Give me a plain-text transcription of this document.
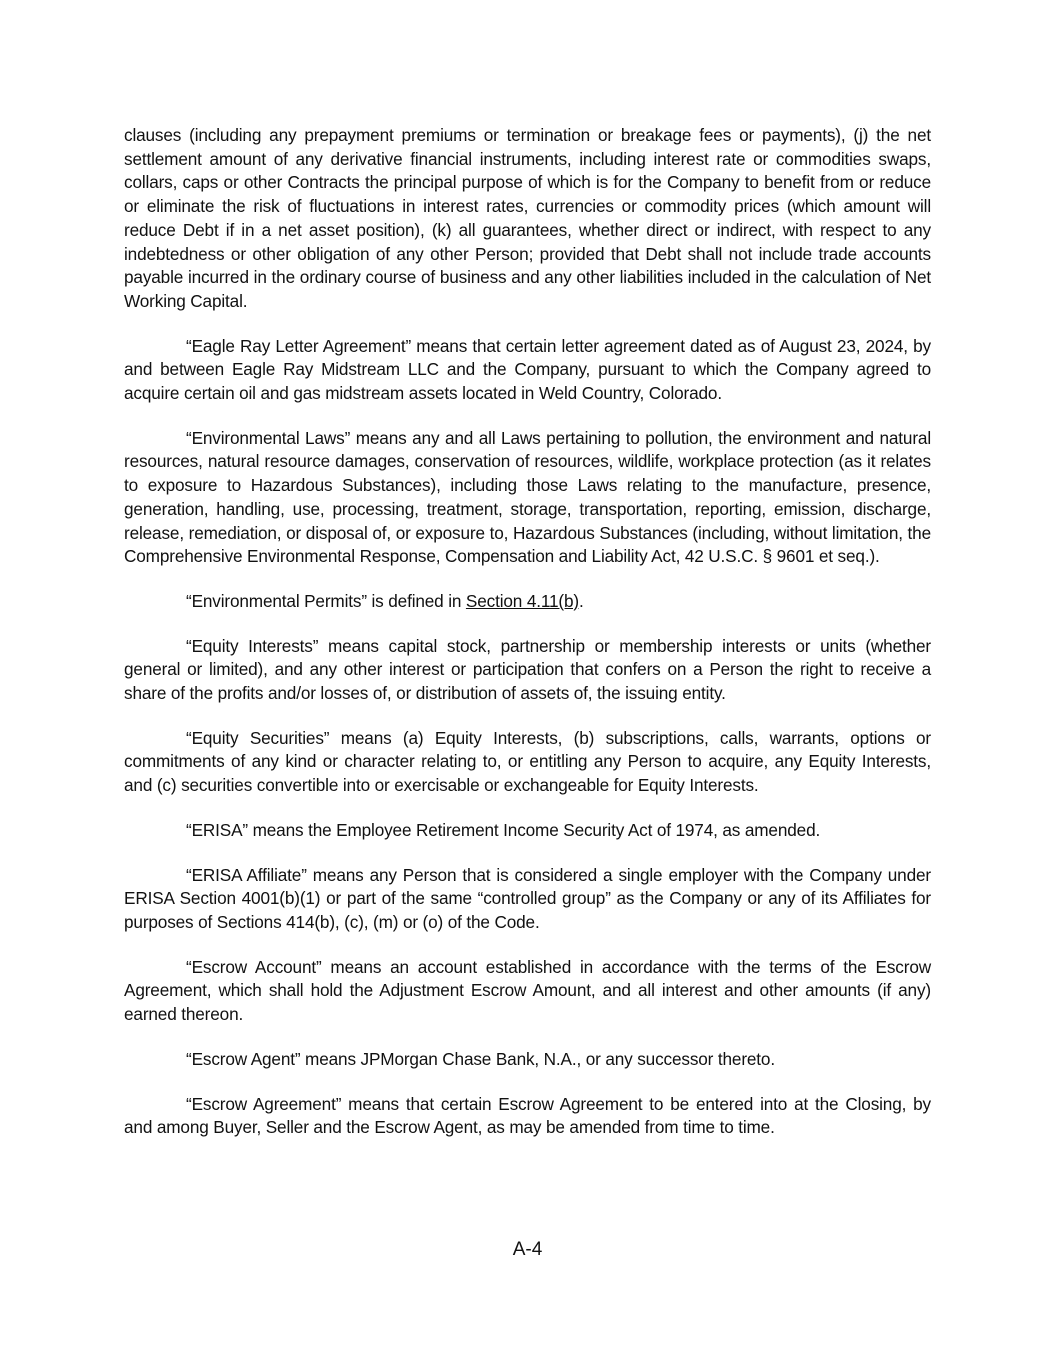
clauses (including any prepayment premiums or termination or breakage fees or payments), (j) the net settlement amount of any derivative financial instruments, including interest rate or commodities swaps, collars, caps or other Contracts the principal purpose of which is for the Company to benefit from or reduce or eliminate the risk of fluctuations in interest rates, currencies or commodity prices (which amount will reduce Debt if in a net asset position), (k) all guarantees, whether direct or indirect, with respect to any indebtedness or other obligation of any other Person; provided that Debt shall not include trade accounts payable incurred in the ordinary course of business and any other liabilities included in the calculation of Net Working Capital.

“Eagle Ray Letter Agreement” means that certain letter agreement dated as of August 23, 2024, by and between Eagle Ray Midstream LLC and the Company, pursuant to which the Company agreed to acquire certain oil and gas midstream assets located in Weld Country, Colorado.

“Environmental Laws” means any and all Laws pertaining to pollution, the environment and natural resources, natural resource damages, conservation of resources, wildlife, workplace protection (as it relates to exposure to Hazardous Substances), including those Laws relating to the manufacture, presence, generation, handling, use, processing, treatment, storage, transportation, reporting, emission, discharge, release, remediation, or disposal of, or exposure to, Hazardous Substances (including, without limitation, the Comprehensive Environmental Response, Compensation and Liability Act, 42 U.S.C. § 9601 et seq.).

“Environmental Permits” is defined in Section 4.11(b).

“Equity Interests” means capital stock, partnership or membership interests or units (whether general or limited), and any other interest or participation that confers on a Person the right to receive a share of the profits and/or losses of, or distribution of assets of, the issuing entity.

“Equity Securities” means (a) Equity Interests, (b) subscriptions, calls, warrants, options or commitments of any kind or character relating to, or entitling any Person to acquire, any Equity Interests, and (c) securities convertible into or exercisable or exchangeable for Equity Interests.

“ERISA” means the Employee Retirement Income Security Act of 1974, as amended.

“ERISA Affiliate” means any Person that is considered a single employer with the Company under ERISA Section 4001(b)(1) or part of the same “controlled group” as the Company or any of its Affiliates for purposes of Sections 414(b), (c), (m) or (o) of the Code.

“Escrow Account” means an account established in accordance with the terms of the Escrow Agreement, which shall hold the Adjustment Escrow Amount, and all interest and other amounts (if any) earned thereon.

“Escrow Agent” means JPMorgan Chase Bank, N.A., or any successor thereto.

“Escrow Agreement” means that certain Escrow Agreement to be entered into at the Closing, by and among Buyer, Seller and the Escrow Agent, as may be amended from time to time.

A-4
